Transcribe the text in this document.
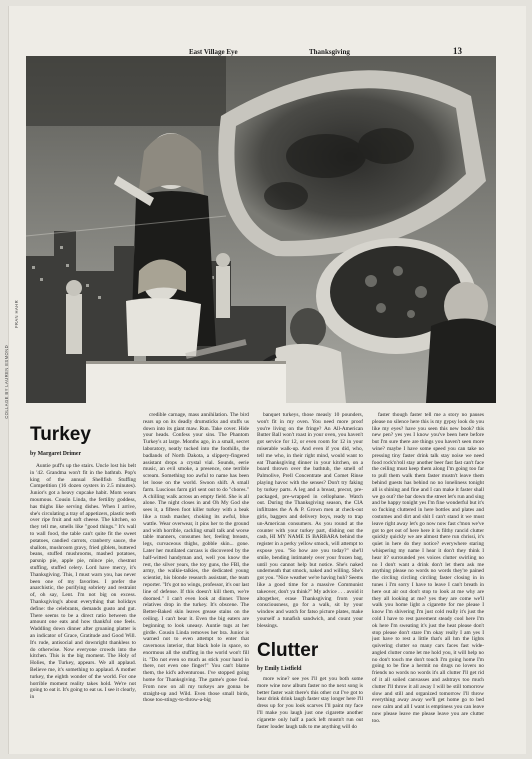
East Village Eye	Thanksgiving	13
FRAN HAHR
COLLAGE BY LAUREN ESMOND
Turkey
by Margaret Drimer

Auntie puff's up the stairs. Uncle lost his belt in '42. Grandma won't fit in the bathtub. Pop's king of the annual Shellfish Stuffing Competition (16 dozen oysters in 2.5 minutes). Junior's got a heavy cupcake habit. Mom wears moumous. Cousin Linda, the fertility goddess, has thighs like serving dishes. When I arrive, she's circulating a tray of appetizers, plastic teeth over ripe fruit and soft cheese. The kitchen, so they tell me, smells like "good things." It's wall to wall food, the table can't quite fit the sweet potatoes, candied carrots, cranberry sauce, the shallots, mushroom gravy, fried giblets, buttered beans, stuffed mushrooms, mashed potatoes, parsnip pie, apple pie, mince pie, chestnut stuffing, stuffed celery. Lord have mercy, it's Thanksgiving. This, I must warn you, has never been one of my favorites. I prefer the anarchistic, the purifying sobriety and restraint of, oh say, Lent. I'm not big on excess. Thanksgiving's about everything that holidays define: the celebrants, demands gusto and gut. There seems to be a direct ratio between the amount one eats and how thankful one feels. Waddling down dinner after groaning platter is an indicator of Grace, Gratitude and Good Will. It's rude, antisocial and downright thankless to do otherwise. Now everyone crowds into the kitchen. This is the big moment. The Holy of Holies, the Turkey, appears. We all applaud. Believe me, it's something to applaud. A mother turkey, the eighth wonder of the world. For one horrible moment reality takes hold. We're not going to eat it. It's going to eat us. I see it clearly, in

credible carnage, mass annihilation. The bird rears up on its deadly drumsticks and stuffs us down into its giant maw. Run. Take cover. Hide your heads. Confess your sins. The Phantom Turkey's at large. Months ago, in a small, secret laboratory, neatly tucked into the foothills, the badlands of North Dakota, a slippery-fingered assistant drops a crystal vial. Sounds, eerie music, an evil smoke, a presence, one terrible scream. Something too awful to name has been let loose on the world. Swoon shift. A small farm. Luscious farm girl sent out to do "chores." A chilling walk across an empty field. She is all alone. The night closes in and Oh My God she sees it, a fifteen foot killer turkey with a beak like a trash masher, choking its awful, blue wattle. Wear overwear, it pins her to the ground and with horrible, cackling small talk and worse table manners, consumes her, feeling breasts, legs, curvaceous thighs, gobble skin... gone. Later her mutilated carcass is discovered by the half-witted handyman and, well you know the rest, the silver years, the toy guns, the FBI, the army, the walkie-talkies, the dedicated young scientist, his blonde research assistant, the team reporter. "It's got no wings, professor, it's our last line of defense. If this doesn't kill them, we're doomed." I can't even look at dinner. Three relatives drop in the turkey. It's obscene. The Better-Baked skin leaves grease stains on the ceiling. I can't bear it. Even the big eaters are beginning to look uneasy. Auntie tugs at her girdle. Cousin Linda removes her bra. Junior is warned not to even attempt to enter that cavernous interior, that black hole in space, so enormous all the stuffing in the world won't fill it. "Do not even so much as stick your hand in there, not even one finger!" You can't blame them, the kid's adventurous. I've stopped going home for Thanksgiving. The game's gone foul. From now on all my turkeys are gonna be straight-up and Wild. Even those small birds, those too-stingy-to-throw-a-big

banquet turkeys, those measly 10 pounders, won't fit in my oven. You need more proof you're living on the fringe? An All-American Butter Ball won't roast in your oven, you haven't got service for 12, or even room for 12 in your miserable walk-up. And even if you did, who, tell me who, in their right mind, would want to eat Thanksgiving dinner in your kitchen, on a board thrown over the bathtub, the smell of Palmolive, Prell Concentrate and Comet Rinse playing havoc with the senses? Don't try faking by turkey parts. A leg and a breast, precut, pre-packaged, pre-wrapped in cellophane. Watch out. During the Thanksgiving season, the CIA infiltrates the A & P. Grown men at check-out girls, baggers and delivery boys, ready to trap un-American consumers. As you round at the counter with your turkey part, dishing out the cash, HI MY NAME IS BARBARA behind the register in a perky yellow smock, will attempt to expose you. "So how are you today?" she'll smile, bending intimately over your frozen bag, until you cannot help but notice. She's naked underneath that smock, naked and willing. She's got you. "Nice weather we're having huh? Seems like a good time for a massive Communist takeover, don't ya think?" My advice . . . avoid it altogether, erase Thanksgiving from your consciousness, go for a walk, sit by your window and watch for fatso picture plates, make yourself a tunafish sandwich, and count your blessings.

Clutter
by Emily Listfield

more wine? see yes I'll get you both some more wine now album faster no the next song is better faster wait there's this other cut I've got to hear drink drink laugh faster stay longer here I'll dress up for you look scarves I'll paint my face I'll make you laugh just one cigarette another cigarette only half a pack left mustn't run out faster louder laugh talk to me anything will do

faster though faster tell me a story no pauses please no silence here this is my gypsy look do you like my eyes? have you seen this new book? this new pen? yes yes I know you've been here before but I'm sure there are things you haven't seen more wine? maybe I have some speed you can take no pressing tiny faster drink talk stay noise we need food rock'n'roll stay another beer fast fast can't face the ceiling must keep them along I'm going too far to pull them walk them faster mustn't leave them behind guests has behind no no loneliness tonight all is shining and fine and I can make it faster shall we go out? the bar down the street let's run and sing and be happy tonight yes I'm fine wonderful but it's so fucking cluttered in here bottles and plates and costumes and dirt and shit I can't stand it we must leave right away let's go now now fast c'mon we've got to get out of here here it is filthy rancid clutter quickly quickly we are almost there run chrissi, it's quiet in here do they notice? everywhere staring whispering my name I hear it don't they think I hear it? surrounded yes voices clutter swirling no no I don't want a drink don't let them ask me anything please no words no words they're pained the circling circling circling faster closing in in tunes i I'm sorry I have to leave I can't breath in here out air out don't stop to look at me why are they all looking at me? yes they are come we'll walk you home light a cigarette for me please I know I'm shivering I'm just cold really it's just the cold I have to rest pavement steady cool here I'm ok here I'm sweating it's just the heat please don't stop please don't stare I'm okay really I am yes I just have to rest a little that's all hm the lights quivering clutter so many cars faces fast wide-angled clutter come let me hold you, it will help no no don't touch me don't touch I'm going home I'm going to be fine a hermit no drugs no lovers no friends no words no words it's all clutter I'll get rid of it all soiled canvasses and ashtrays too much clutter I'll throw it all away I will be still tomorrow slow and still and organized tomorrow I'll throw everything away away we'll get home go to bed now calm and all I want is emptiness you can leave now please leave me please leave you are clutter too.
